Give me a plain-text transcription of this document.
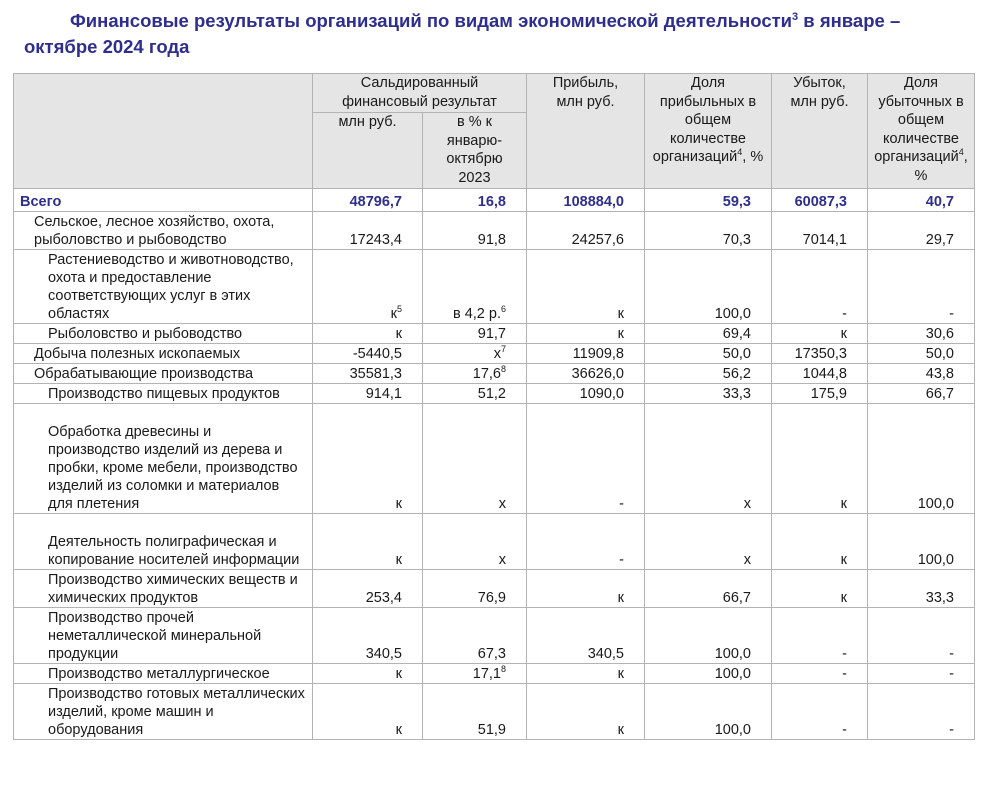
Финансовые результаты организаций по видам экономической деятельности$^3$ в январе –
октябре 2024 года
	Сальдированный финансовый результат		Прибыль, млн руб.	Доля прибыльных в общем количестве организаций$^4$, %	Убыток, млн руб.	Доля убыточных в общем количестве организаций$^4$, %
	млн руб.	в % к январю-октябрю 2023				
Всего	48796,7	16,8	108884,0	59,3	60087,3	40,7
Сельское, лесное хозяйство, охота, рыболовство и рыбоводство	17243,4	91,8	24257,6	70,3	7014,1	29,7
Растениеводство и животноводство, охота и предоставление соответствующих услуг в этих областях	$к^5$	в 4,2 р.$^6$	к	100,0	-	-
Рыболовство и рыбоводство	к	91,7	к	69,4	к	30,6
Добыча полезных ископаемых	-5440,5	$х^7$	11909,8	50,0	17350,3	50,0
Обрабатывающие производства	35581,3	17,6$^8$	36626,0	56,2	1044,8	43,8
Производство пищевых продуктов	914,1	51,2	1090,0	33,3	175,9	66,7
Обработка древесины и производство изделий из дерева и пробки, кроме мебели, производство изделий из соломки и материалов для плетения	к	х	-	х	к	100,0
Деятельность полиграфическая и копирование носителей информации	к	х	-	х	к	100,0
Производство химических веществ и химических продуктов	253,4	76,9	к	66,7	к	33,3
Производство прочей неметаллической минеральной продукции	340,5	67,3	340,5	100,0	-	-
Производство металлургическое	к	17,1$^8$	к	100,0	-	-
Производство готовых металлических изделий, кроме машин и оборудования	к	51,9	к	100,0	-	-
